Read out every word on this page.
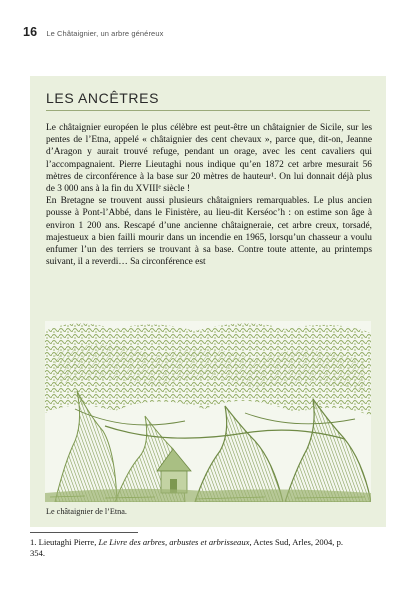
16 Le Châtaignier, un arbre généreux
LES ANCÊTRES

Le châtaignier européen le plus célèbre est peut-être un châtaignier de Sicile, sur les pentes de l’Etna, appelé « châtaignier des cent chevaux », parce que, dit-on, Jeanne d’Aragon y aurait trouvé refuge, pendant un orage, avec les cent cavaliers qui l’accompagnaient. Pierre Lieutaghi nous indique qu’en 1872 cet arbre mesurait 56 mètres de circonférence à la base sur 20 mètres de hauteur¹. On lui donnait déjà plus de 3 000 ans à la fin du XVIIIᵉ siècle !

En Bretagne se trouvent aussi plusieurs châtaigniers remarquables. Le plus ancien pousse à Pont-l’Abbé, dans le Finistère, au lieu-dit Kerséoc’h : on estime son âge à environ 1 200 ans. Rescapé d’une ancienne châtaigneraie, cet arbre creux, torsadé, majestueux a bien failli mourir dans un incendie en 1965, lorsqu’un chasseur a voulu enfumer l’un des terriers se trouvant à sa base. Contre toute attente, au printemps suivant, il a reverdi… Sa circonférence est

Le châtaignier de l’Etna.

1. Lieutaghi Pierre, Le Livre des arbres, arbustes et arbrisseaux, Actes Sud, Arles, 2004, p. 354.
